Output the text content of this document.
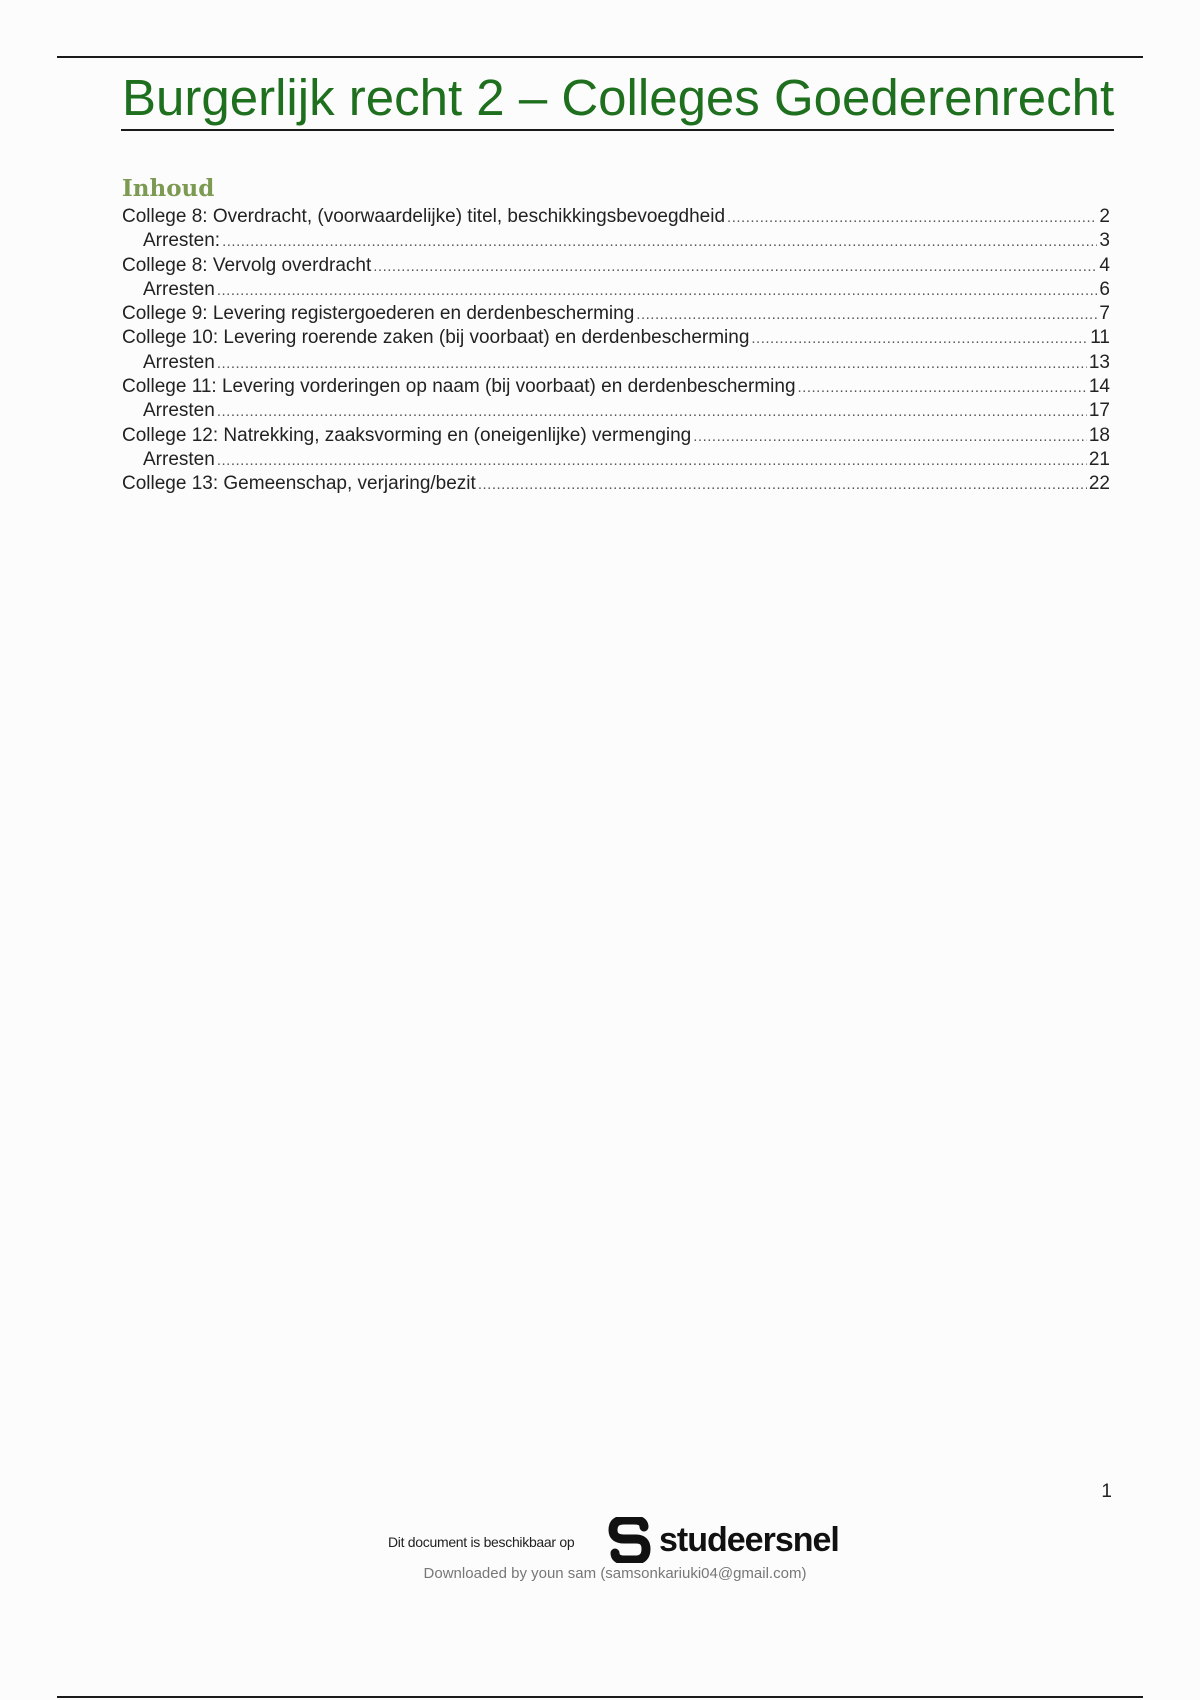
Burgerlijk recht 2 – Colleges Goederenrecht
Inhoud
College 8: Overdracht, (voorwaardelijke) titel, beschikkingsbevoegdheid .....	2
Arresten: .....	3
College 8: Vervolg overdracht .....	4
Arresten .....	6
College 9: Levering registergoederen en derdenbescherming .....	7
College 10: Levering roerende zaken (bij voorbaat) en derdenbescherming .....	11
Arresten .....	13
College 11: Levering vorderingen op naam (bij voorbaat) en derdenbescherming .....	14
Arresten .....	17
College 12: Natrekking, zaaksvorming en (oneigenlijke) vermenging .....	18
Arresten .....	21
College 13: Gemeenschap, verjaring/bezit .....	22
1
Dit document is beschikbaar op studeersnel
Downloaded by youn sam (samsonkariuki04@gmail.com)
